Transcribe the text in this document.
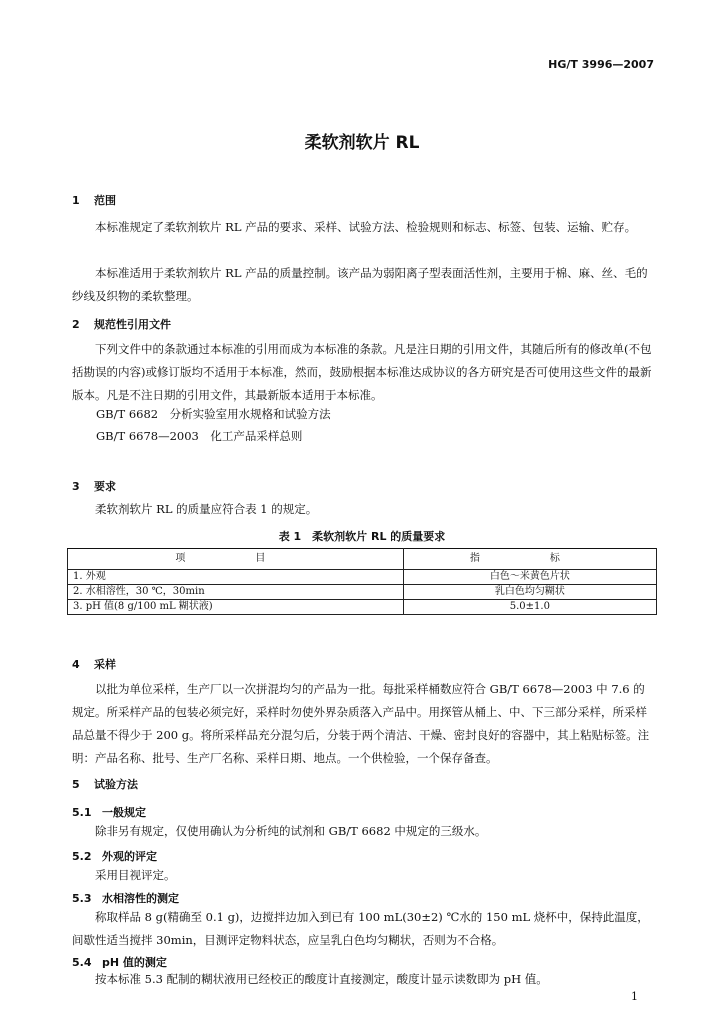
HG/T 3996—2007
柔软剂软片 RL
1 范围

本标准规定了柔软剂软片 RL 产品的要求、采样、试验方法、检验规则和标志、标签、包装、运输、贮存。

本标准适用于柔软剂软片 RL 产品的质量控制。该产品为弱阳离子型表面活性剂，主要用于棉、麻、丝、毛的纱线及织物的柔软整理。

2 规范性引用文件

下列文件中的条款通过本标准的引用而成为本标准的条款。凡是注日期的引用文件，其随后所有的修改单(不包括勘误的内容)或修订版均不适用于本标准，然而，鼓励根据本标准达成协议的各方研究是否可使用这些文件的最新版本。凡是不注日期的引用文件，其最新版本适用于本标准。

GB/T 6682　分析实验室用水规格和试验方法
GB/T 6678—2003　化工产品采样总则
3 要求

柔软剂软片 RL 的质量应符合表 1 的规定。

表 1　柔软剂软片 RL 的质量要求
项　目	指　标
1. 外观	白色～米黄色片状
2. 水相溶性，30 ℃，30min	乳白色均匀糊状
3. pH 值(8 g/100 mL 糊状液)	5.0±1.0
4 采样

以批为单位采样，生产厂以一次拼混均匀的产品为一批。每批采样桶数应符合 GB/T 6678—2003 中 7.6 的规定。所采样产品的包装必须完好，采样时勿使外界杂质落入产品中。用探管从桶上、中、下三部分采样，所采样品总量不得少于 200 g。将所采样品充分混匀后，分装于两个清洁、干燥、密封良好的容器中，其上粘贴标签。注明：产品名称、批号、生产厂名称、采样日期、地点。一个供检验，一个保存备查。

5 试验方法
5.1 一般规定

除非另有规定，仅使用确认为分析纯的试剂和 GB/T 6682 中规定的三级水。

5.2 外观的评定

采用目视评定。

5.3 水相溶性的测定

称取样品 8 g(精确至 0.1 g)，边搅拌边加入到已有 100 mL(30±2) ℃水的 150 mL 烧杯中，保持此温度，间歇性适当搅拌 30min，目测评定物料状态，应呈乳白色均匀糊状，否则为不合格。

5.4 pH 值的测定

按本标准 5.3 配制的糊状液用已经校正的酸度计直接测定，酸度计显示读数即为 pH 值。

1
